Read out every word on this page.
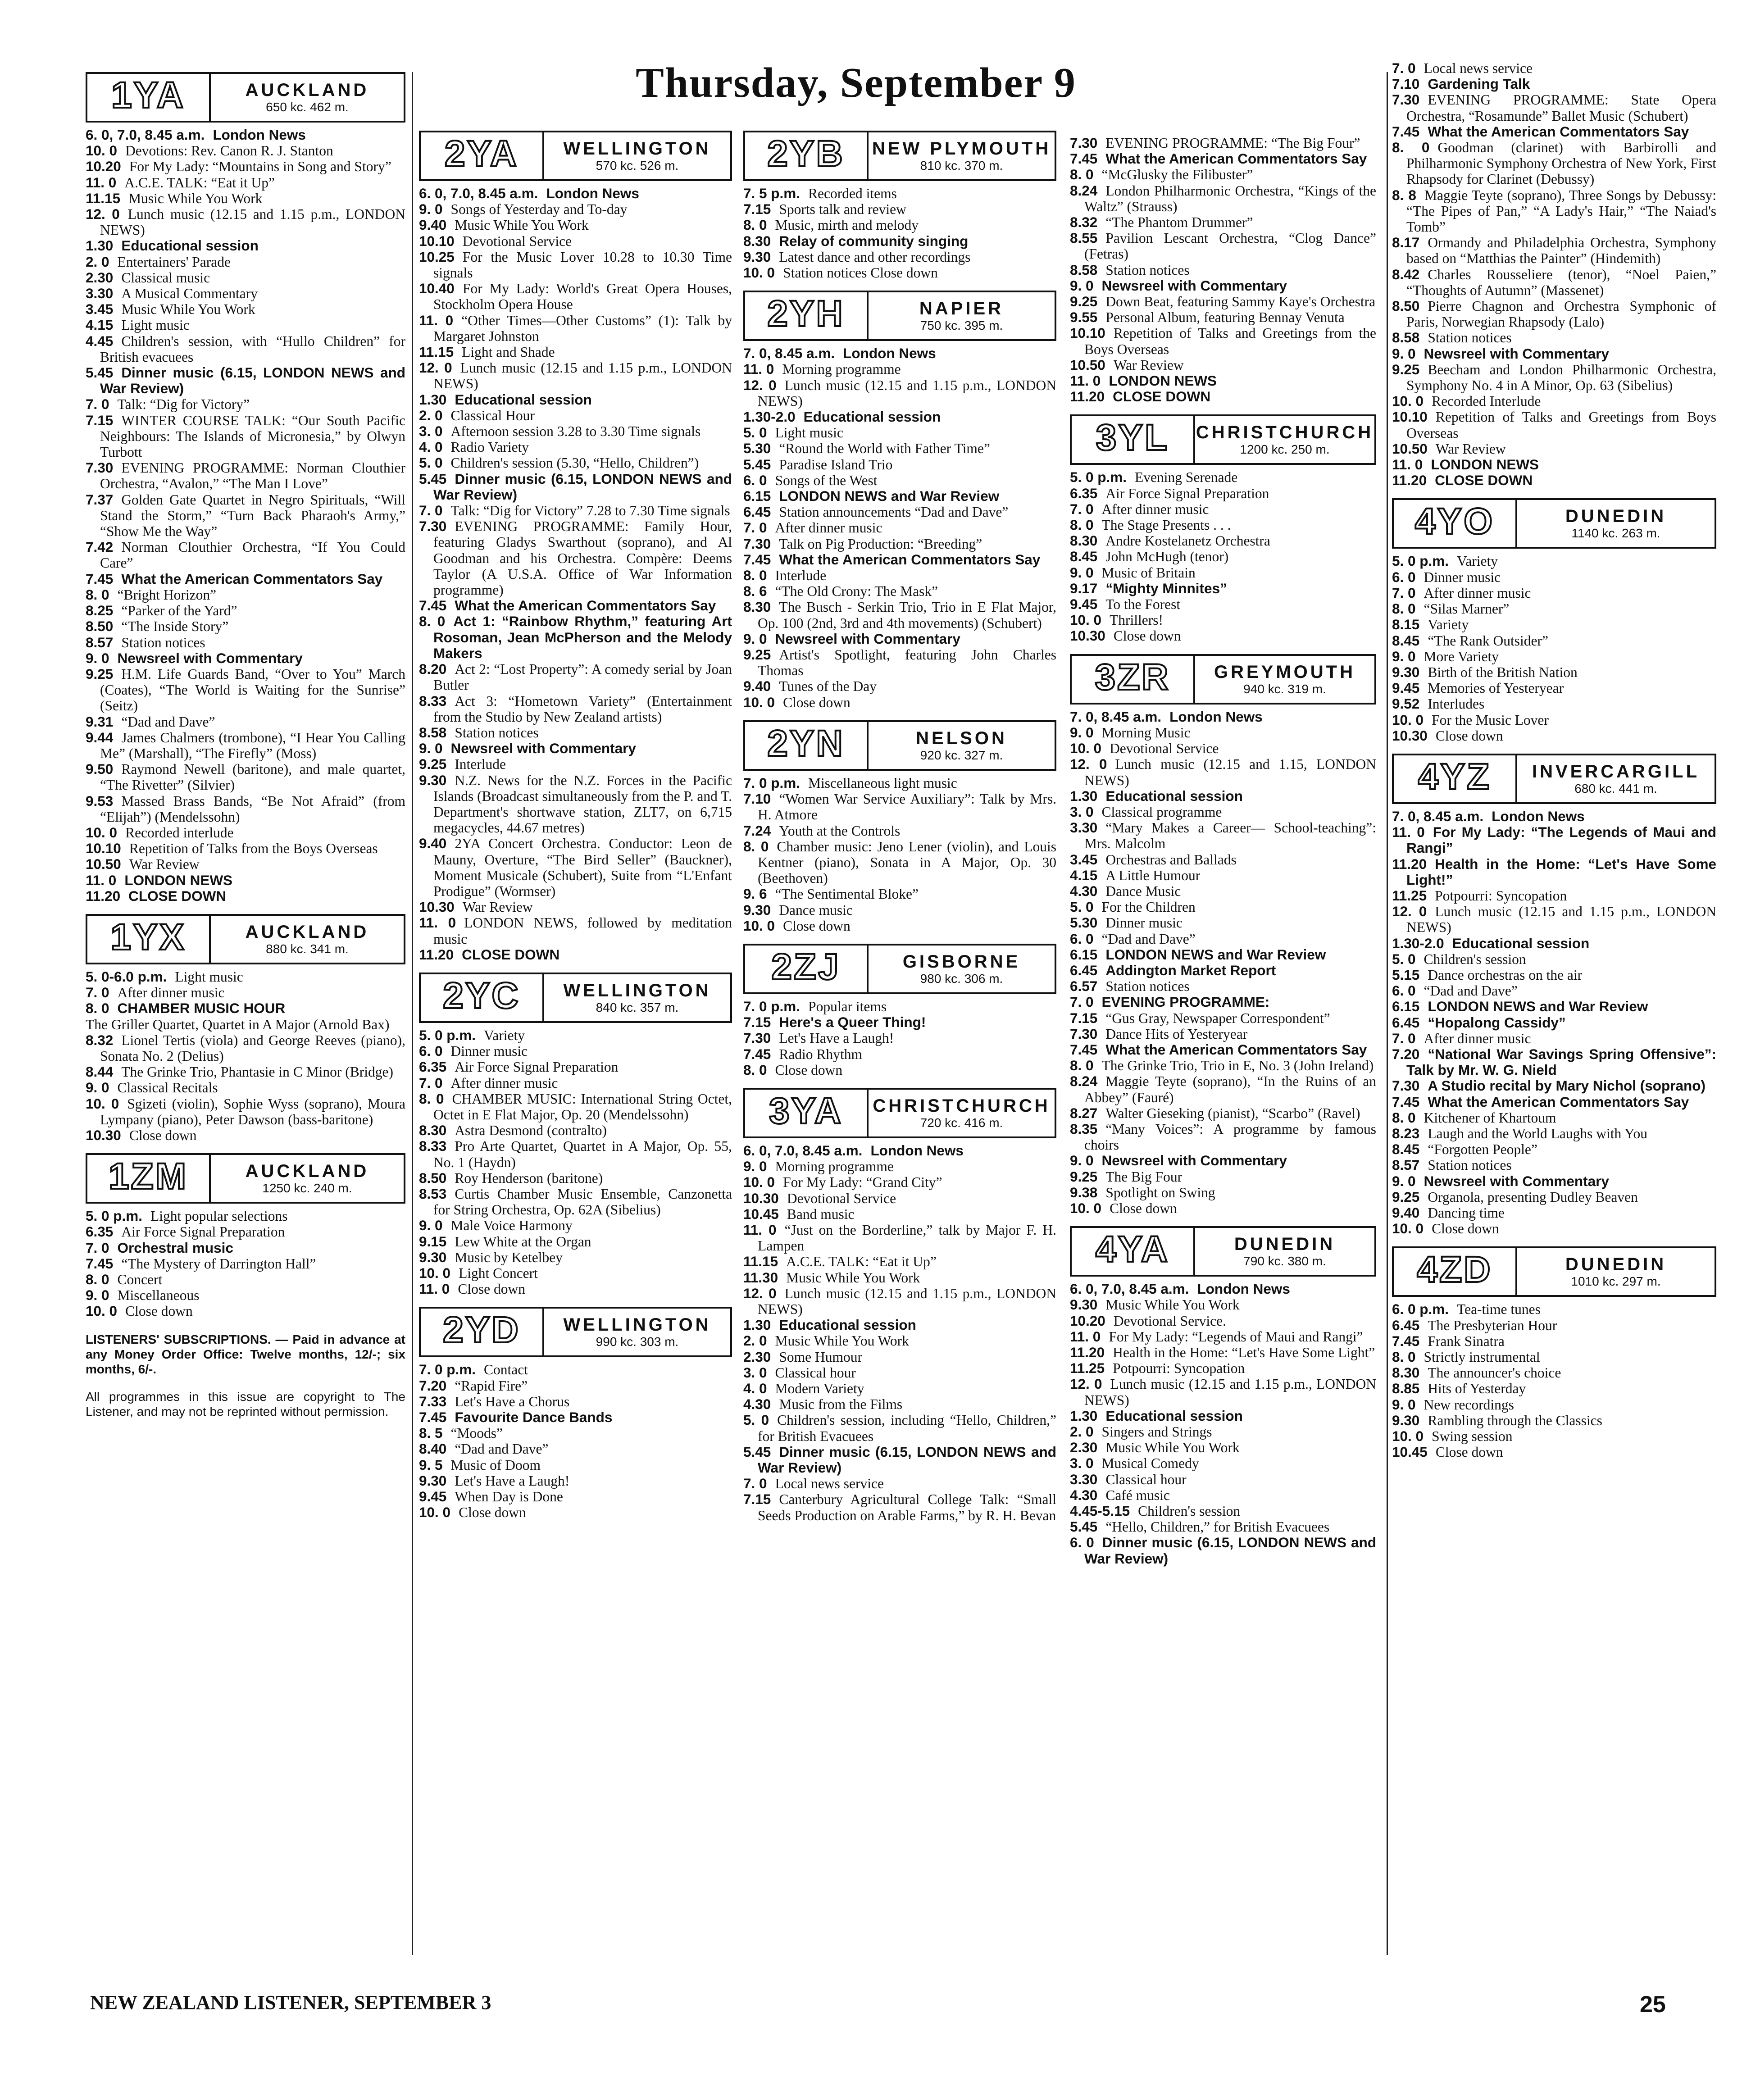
Thursday, September 9
1YA	AUCKLAND
650 kc. 462 m.
6. 0, 7.0, 8.45 a.m. London News
10. 0 Devotions: Rev. Canon R. J. Stanton
10.20 For My Lady: “Mountains in Song and Story”
11. 0 A.C.E. TALK: “Eat it Up”
11.15 Music While You Work
12. 0 Lunch music (12.15 and 1.15 p.m., LONDON NEWS)
1.30 Educational session
2. 0 Entertainers' Parade
2.30 Classical music
3.30 A Musical Commentary
3.45 Music While You Work
4.15 Light music
4.45 Children's session, with “Hullo Children” for British evacuees
5.45 Dinner music (6.15, LONDON NEWS and War Review)
7. 0 Talk: “Dig for Victory”
7.15 WINTER COURSE TALK: “Our South Pacific Neighbours: The Islands of Micronesia,” by Olwyn Turbott
7.30 EVENING PROGRAMME: Norman Clouthier Orchestra, “Avalon,” “The Man I Love”
7.37 Golden Gate Quartet in Negro Spirituals, “Will Stand the Storm,” “Turn Back Pharaoh's Army,” “Show Me the Way”
7.42 Norman Clouthier Orchestra, “If You Could Care”
7.45 What the American Commentators Say
8. 0 “Bright Horizon”
8.25 “Parker of the Yard”
8.50 “The Inside Story”
8.57 Station notices
9. 0 Newsreel with Commentary
9.25 H.M. Life Guards Band, “Over to You” March (Coates), “The World is Waiting for the Sunrise” (Seitz)
9.31 “Dad and Dave”
9.44 James Chalmers (trombone), “I Hear You Calling Me” (Marshall), “The Firefly” (Moss)
9.50 Raymond Newell (baritone), and male quartet, “The Rivetter” (Silvier)
9.53 Massed Brass Bands, “Be Not Afraid” (from “Elijah”) (Mendelssohn)
10. 0 Recorded interlude
10.10 Repetition of Talks from the Boys Overseas
10.50 War Review
11. 0 LONDON NEWS
11.20 CLOSE DOWN
1YX	AUCKLAND
880 kc. 341 m.
5. 0-6.0 p.m. Light music
7. 0 After dinner music
8. 0 CHAMBER MUSIC HOUR
The Griller Quartet, Quartet in A Major (Arnold Bax)
8.32 Lionel Tertis (viola) and George Reeves (piano), Sonata No. 2 (Delius)
8.44 The Grinke Trio, Phantasie in C Minor (Bridge)
9. 0 Classical Recitals
10. 0 Sgizeti (violin), Sophie Wyss (soprano), Moura Lympany (piano), Peter Dawson (bass-baritone)
10.30 Close down
1ZM	AUCKLAND
1250 kc. 240 m.
5. 0 p.m. Light popular selections
6.35 Air Force Signal Preparation
7. 0 Orchestral music
7.45 “The Mystery of Darrington Hall”
8. 0 Concert
9. 0 Miscellaneous
10. 0 Close down
LISTENERS' SUBSCRIPTIONS. — Paid in advance at any Money Order Office: Twelve months, 12/-; six months, 6/-.
All programmes in this issue are copyright to The Listener, and may not be reprinted without permission.
2YA	WELLINGTON
570 kc. 526 m.
6. 0, 7.0, 8.45 a.m. London News
9. 0 Songs of Yesterday and To-day
9.40 Music While You Work
10.10 Devotional Service
10.25 For the Music Lover 10.28 to 10.30 Time signals
10.40 For My Lady: World's Great Opera Houses, Stockholm Opera House
11. 0 “Other Times—Other Customs” (1): Talk by Margaret Johnston
11.15 Light and Shade
12. 0 Lunch music (12.15 and 1.15 p.m., LONDON NEWS)
1.30 Educational session
2. 0 Classical Hour
3. 0 Afternoon session 3.28 to 3.30 Time signals
4. 0 Radio Variety
5. 0 Children's session (5.30, “Hello, Children”)
5.45 Dinner music (6.15, LONDON NEWS and War Review)
7. 0 Talk: “Dig for Victory” 7.28 to 7.30 Time signals
7.30 EVENING PROGRAMME: Family Hour, featuring Gladys Swarthout (soprano), and Al Goodman and his Orchestra. Compère: Deems Taylor (A U.S.A. Office of War Information programme)
7.45 What the American Commentators Say
8. 0 Act 1: “Rainbow Rhythm,” featuring Art Rosoman, Jean McPherson and the Melody Makers
8.20 Act 2: “Lost Property”: A comedy serial by Joan Butler
8.33 Act 3: “Hometown Variety” (Entertainment from the Studio by New Zealand artists)
8.58 Station notices
9. 0 Newsreel with Commentary
9.25 Interlude
9.30 N.Z. News for the N.Z. Forces in the Pacific Islands (Broadcast simultaneously from the P. and T. Department's shortwave station, ZLT7, on 6,715 megacycles, 44.67 metres)
9.40 2YA Concert Orchestra. Conductor: Leon de Mauny, Overture, “The Bird Seller” (Bauckner), Moment Musicale (Schubert), Suite from “L'Enfant Prodigue” (Wormser)
10.30 War Review
11. 0 LONDON NEWS, followed by meditation music
11.20 CLOSE DOWN
2YC	WELLINGTON
840 kc. 357 m.
5. 0 p.m. Variety
6. 0 Dinner music
6.35 Air Force Signal Preparation
7. 0 After dinner music
8. 0 CHAMBER MUSIC: International String Octet, Octet in E Flat Major, Op. 20 (Mendelssohn)
8.30 Astra Desmond (contralto)
8.33 Pro Arte Quartet, Quartet in A Major, Op. 55, No. 1 (Haydn)
8.50 Roy Henderson (baritone)
8.53 Curtis Chamber Music Ensemble, Canzonetta for String Orchestra, Op. 62A (Sibelius)
9. 0 Male Voice Harmony
9.15 Lew White at the Organ
9.30 Music by Ketelbey
10. 0 Light Concert
11. 0 Close down
2YD	WELLINGTON
990 kc. 303 m.
7. 0 p.m. Contact
7.20 “Rapid Fire”
7.33 Let's Have a Chorus
7.45 Favourite Dance Bands
8. 5 “Moods”
8.40 “Dad and Dave”
9. 5 Music of Doom
9.30 Let's Have a Laugh!
9.45 When Day is Done
10. 0 Close down
2YB	NEW PLYMOUTH
810 kc. 370 m.
7. 5 p.m. Recorded items
7.15 Sports talk and review
8. 0 Music, mirth and melody
8.30 Relay of community singing
9.30 Latest dance and other recordings
10. 0 Station notices Close down
2YH	NAPIER
750 kc. 395 m.
7. 0, 8.45 a.m. London News
11. 0 Morning programme
12. 0 Lunch music (12.15 and 1.15 p.m., LONDON NEWS)
1.30-2.0 Educational session
5. 0 Light music
5.30 “Round the World with Father Time”
5.45 Paradise Island Trio
6. 0 Songs of the West
6.15 LONDON NEWS and War Review
6.45 Station announcements “Dad and Dave”
7. 0 After dinner music
7.30 Talk on Pig Production: “Breeding”
7.45 What the American Commentators Say
8. 0 Interlude
8. 6 “The Old Crony: The Mask”
8.30 The Busch - Serkin Trio, Trio in E Flat Major, Op. 100 (2nd, 3rd and 4th movements) (Schubert)
9. 0 Newsreel with Commentary
9.25 Artist's Spotlight, featuring John Charles Thomas
9.40 Tunes of the Day
10. 0 Close down
2YN	NELSON
920 kc. 327 m.
7. 0 p.m. Miscellaneous light music
7.10 “Women War Service Auxiliary”: Talk by Mrs. H. Atmore
7.24 Youth at the Controls
8. 0 Chamber music: Jeno Lener (violin), and Louis Kentner (piano), Sonata in A Major, Op. 30 (Beethoven)
9. 6 “The Sentimental Bloke”
9.30 Dance music
10. 0 Close down
2ZJ	GISBORNE
980 kc. 306 m.
7. 0 p.m. Popular items
7.15 Here's a Queer Thing!
7.30 Let's Have a Laugh!
7.45 Radio Rhythm
8. 0 Close down
3YA	CHRISTCHURCH
720 kc. 416 m.
6. 0, 7.0, 8.45 a.m. London News
9. 0 Morning programme
10. 0 For My Lady: “Grand City”
10.30 Devotional Service
10.45 Band music
11. 0 “Just on the Borderline,” talk by Major F. H. Lampen
11.15 A.C.E. TALK: “Eat it Up”
11.30 Music While You Work
12. 0 Lunch music (12.15 and 1.15 p.m., LONDON NEWS)
1.30 Educational session
2. 0 Music While You Work
2.30 Some Humour
3. 0 Classical hour
4. 0 Modern Variety
4.30 Music from the Films
5. 0 Children's session, including “Hello, Children,” for British Evacuees
5.45 Dinner music (6.15, LONDON NEWS and War Review)
7. 0 Local news service
7.15 Canterbury Agricultural College Talk: “Small Seeds Production on Arable Farms,” by R. H. Bevan
7.30 EVENING PROGRAMME: “The Big Four”
7.45 What the American Commentators Say
8. 0 “McGlusky the Filibuster”
8.24 London Philharmonic Orchestra, “Kings of the Waltz” (Strauss)
8.32 “The Phantom Drummer”
8.55 Pavilion Lescant Orchestra, “Clog Dance” (Fetras)
8.58 Station notices
9. 0 Newsreel with Commentary
9.25 Down Beat, featuring Sammy Kaye's Orchestra
9.55 Personal Album, featuring Bennay Venuta
10.10 Repetition of Talks and Greetings from the Boys Overseas
10.50 War Review
11. 0 LONDON NEWS
11.20 CLOSE DOWN
3YL	CHRISTCHURCH
1200 kc. 250 m.
5. 0 p.m. Evening Serenade
6.35 Air Force Signal Preparation
7. 0 After dinner music
8. 0 The Stage Presents . . .
8.30 Andre Kostelanetz Orchestra
8.45 John McHugh (tenor)
9. 0 Music of Britain
9.17 “Mighty Minnites”
9.45 To the Forest
10. 0 Thrillers!
10.30 Close down
3ZR	GREYMOUTH
940 kc. 319 m.
7. 0, 8.45 a.m. London News
9. 0 Morning Music
10. 0 Devotional Service
12. 0 Lunch music (12.15 and 1.15, LONDON NEWS)
1.30 Educational session
3. 0 Classical programme
3.30 “Mary Makes a Career— School-teaching”: Mrs. Malcolm
3.45 Orchestras and Ballads
4.15 A Little Humour
4.30 Dance Music
5. 0 For the Children
5.30 Dinner music
6. 0 “Dad and Dave”
6.15 LONDON NEWS and War Review
6.45 Addington Market Report
6.57 Station notices
7. 0 EVENING PROGRAMME:
7.15 “Gus Gray, Newspaper Correspondent”
7.30 Dance Hits of Yesteryear
7.45 What the American Commentators Say
8. 0 The Grinke Trio, Trio in E, No. 3 (John Ireland)
8.24 Maggie Teyte (soprano), “In the Ruins of an Abbey” (Fauré)
8.27 Walter Gieseking (pianist), “Scarbo” (Ravel)
8.35 “Many Voices”: A programme by famous choirs
9. 0 Newsreel with Commentary
9.25 The Big Four
9.38 Spotlight on Swing
10. 0 Close down
4YA	DUNEDIN
790 kc. 380 m.
6. 0, 7.0, 8.45 a.m. London News
9.30 Music While You Work
10.20 Devotional Service.
11. 0 For My Lady: “Legends of Maui and Rangi”
11.20 Health in the Home: “Let's Have Some Light”
11.25 Potpourri: Syncopation
12. 0 Lunch music (12.15 and 1.15 p.m., LONDON NEWS)
1.30 Educational session
2. 0 Singers and Strings
2.30 Music While You Work
3. 0 Musical Comedy
3.30 Classical hour
4.30 Café music
4.45-5.15 Children's session
5.45 “Hello, Children,” for British Evacuees
6. 0 Dinner music (6.15, LONDON NEWS and War Review)
7. 0 Local news service
7.10 Gardening Talk
7.30 EVENING PROGRAMME: State Opera Orchestra, “Rosamunde” Ballet Music (Schubert)
7.45 What the American Commentators Say
8. 0 Goodman (clarinet) with Barbirolli and Philharmonic Symphony Orchestra of New York, First Rhapsody for Clarinet (Debussy)
8. 8 Maggie Teyte (soprano), Three Songs by Debussy: “The Pipes of Pan,” “A Lady's Hair,” “The Naiad's Tomb”
8.17 Ormandy and Philadelphia Orchestra, Symphony based on “Matthias the Painter” (Hindemith)
8.42 Charles Rousseliere (tenor), “Noel Paien,” “Thoughts of Autumn” (Massenet)
8.50 Pierre Chagnon and Orchestra Symphonic of Paris, Norwegian Rhapsody (Lalo)
8.58 Station notices
9. 0 Newsreel with Commentary
9.25 Beecham and London Philharmonic Orchestra, Symphony No. 4 in A Minor, Op. 63 (Sibelius)
10. 0 Recorded Interlude
10.10 Repetition of Talks and Greetings from Boys Overseas
10.50 War Review
11. 0 LONDON NEWS
11.20 CLOSE DOWN
4YO	DUNEDIN
1140 kc. 263 m.
5. 0 p.m. Variety
6. 0 Dinner music
7. 0 After dinner music
8. 0 “Silas Marner”
8.15 Variety
8.45 “The Rank Outsider”
9. 0 More Variety
9.30 Birth of the British Nation
9.45 Memories of Yesteryear
9.52 Interludes
10. 0 For the Music Lover
10.30 Close down
4YZ	INVERCARGILL
680 kc. 441 m.
7. 0, 8.45 a.m. London News
11. 0 For My Lady: “The Legends of Maui and Rangi”
11.20 Health in the Home: “Let's Have Some Light!”
11.25 Potpourri: Syncopation
12. 0 Lunch music (12.15 and 1.15 p.m., LONDON NEWS)
1.30-2.0 Educational session
5. 0 Children's session
5.15 Dance orchestras on the air
6. 0 “Dad and Dave”
6.15 LONDON NEWS and War Review
6.45 “Hopalong Cassidy”
7. 0 After dinner music
7.20 “National War Savings Spring Offensive”: Talk by Mr. W. G. Nield
7.30 A Studio recital by Mary Nichol (soprano)
7.45 What the American Commentators Say
8. 0 Kitchener of Khartoum
8.23 Laugh and the World Laughs with You
8.45 “Forgotten People”
8.57 Station notices
9. 0 Newsreel with Commentary
9.25 Organola, presenting Dudley Beaven
9.40 Dancing time
10. 0 Close down
4ZD	DUNEDIN
1010 kc. 297 m.
6. 0 p.m. Tea-time tunes
6.45 The Presbyterian Hour
7.45 Frank Sinatra
8. 0 Strictly instrumental
8.30 The announcer's choice
8.85 Hits of Yesterday
9. 0 New recordings
9.30 Rambling through the Classics
10. 0 Swing session
10.45 Close down
NEW ZEALAND LISTENER, SEPTEMBER 3	25
